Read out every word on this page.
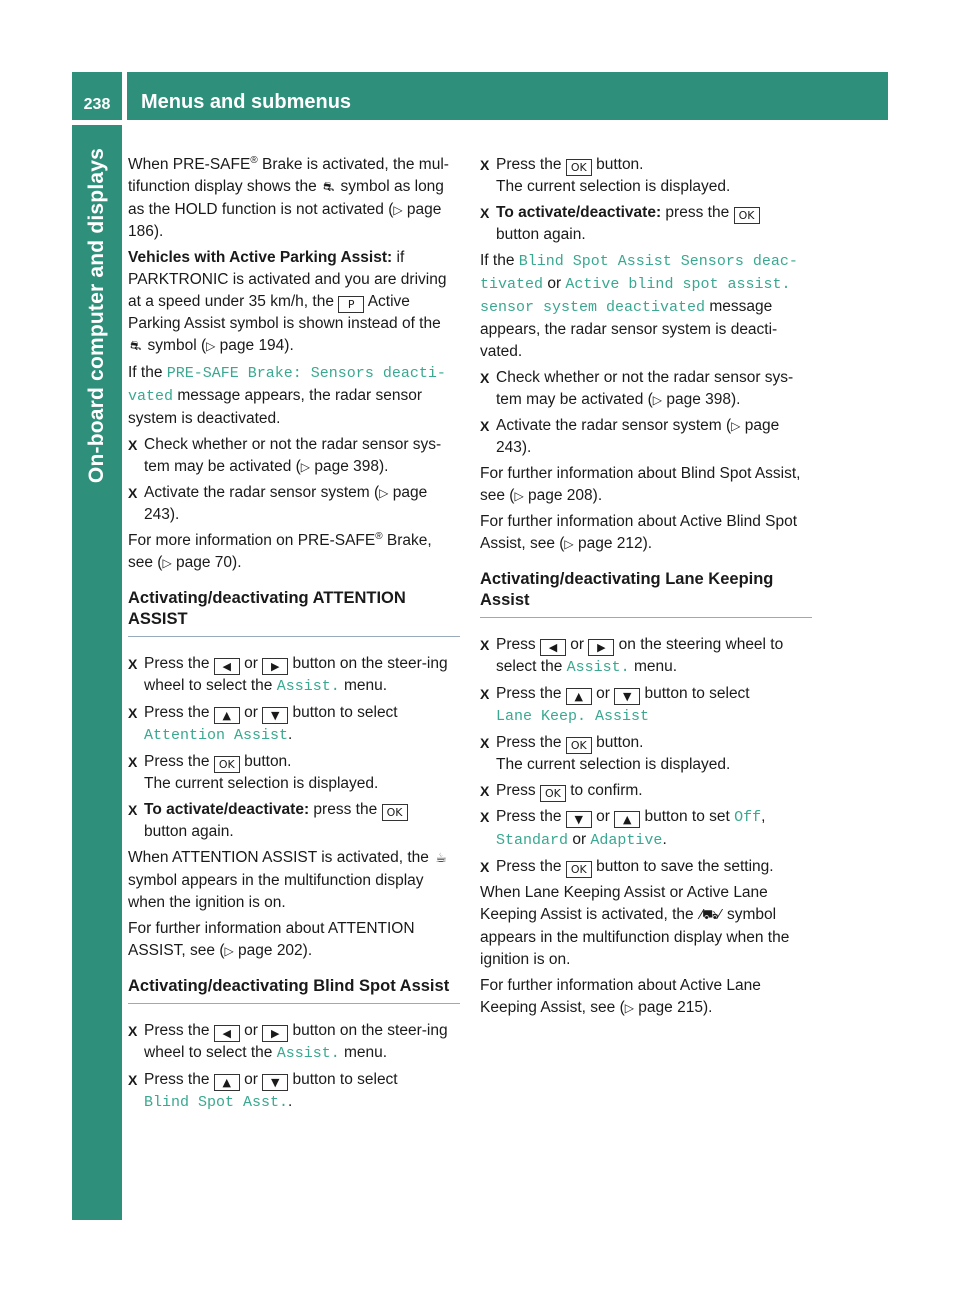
238	Menus and submenus
On-board computer and displays When PRE-SAFE® Brake is activated, the mul-tifunction display shows the ⛐ symbol as long as the HOLD function is not activated (▷ page 186).

Vehicles with Active Parking Assist: if PARKTRONIC is activated and you are driving at a speed under 35 km/h, the P Active Parking Assist symbol is shown instead of the ⛐ symbol (▷ page 194).

If the PRE-SAFE Brake: Sensors deacti‐vated message appears, the radar sensor system is deactivated.

X Check whether or not the radar sensor sys-tem may be activated (▷ page 398).
X Activate the radar sensor system (▷ page 243).

For more information on PRE-SAFE® Brake, see (▷ page 70).

Activating/deactivating ATTENTION ASSIST
X Press the ◀ or ▶ button on the steer-ing wheel to select the Assist. menu.
X Press the ▲ or ▼ button to select Attention Assist.
X Press the OK button.
The current selection is displayed.
X To activate/deactivate: press the OK
button again.

When ATTENTION ASSIST is activated, the ☕ symbol appears in the multifunction display when the ignition is on.

For further information about ATTENTION ASSIST, see (▷ page 202).

Activating/deactivating Blind Spot Assist
X Press the ◀ or ▶ button on the steer-ing wheel to select the Assist. menu.
X Press the ▲ or ▼ button to select
Blind Spot Asst..
X Press the OK button.
The current selection is displayed.
X To activate/deactivate: press the OK
button again.

If the Blind Spot Assist Sensors deac‐tivated or Active blind spot assist. sensor system deactivated message appears, the radar sensor system is deacti-vated.

X Check whether or not the radar sensor sys-tem may be activated (▷ page 398).
X Activate the radar sensor system (▷ page 243).

For further information about Blind Spot Assist, see (▷ page 208).

For further information about Active Blind Spot Assist, see (▷ page 212).

Activating/deactivating Lane Keeping Assist
X Press ◀ or ▶ on the steering wheel to select the Assist. menu.
X Press the ▲ or ▼ button to select
Lane Keep. Assist
X Press the OK button.
The current selection is displayed.
X Press OK to confirm.
X Press the ▼ or ▲ button to set Off, Standard or Adaptive.
X Press the OK button to save the setting.

When Lane Keeping Assist or Active Lane Keeping Assist is activated, the ⁄⛟⁄ symbol appears in the multifunction display when the ignition is on.

For further information about Active Lane Keeping Assist, see (▷ page 215).
